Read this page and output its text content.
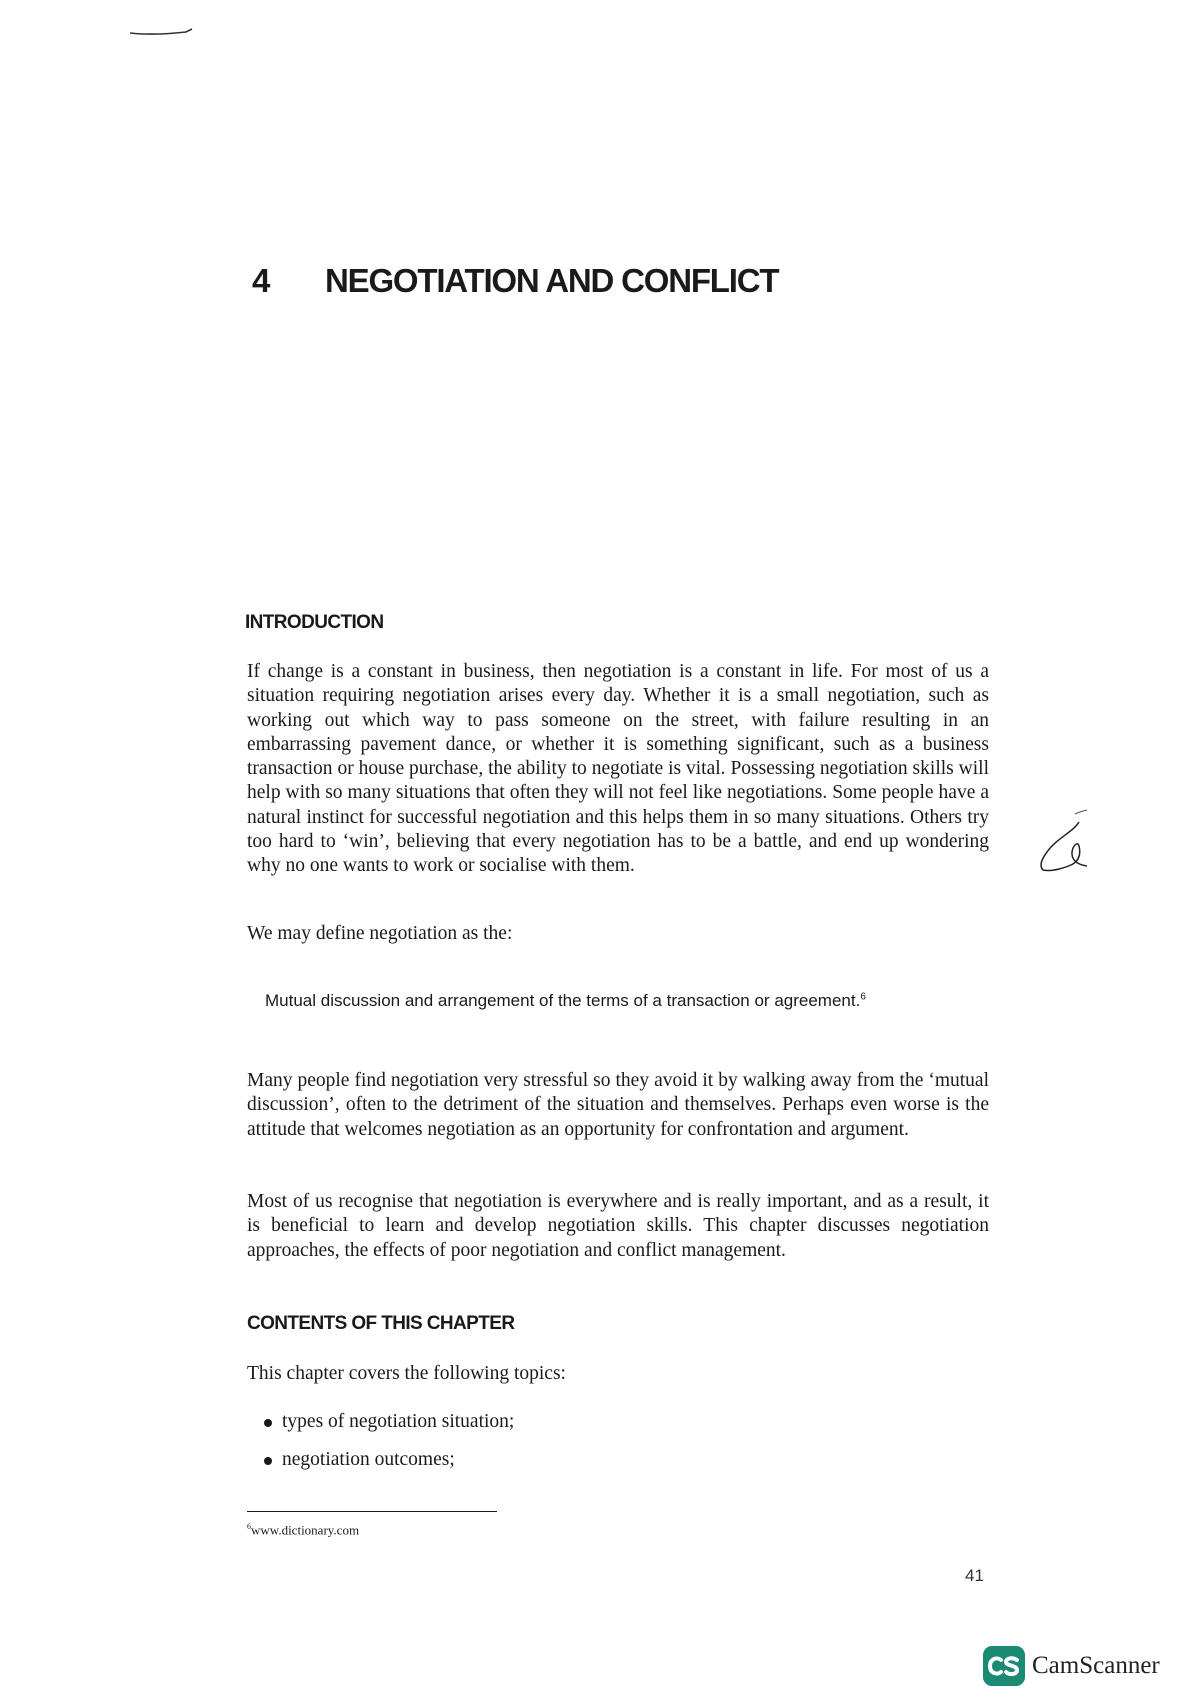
4	NEGOTIATION AND CONFLICT
INTRODUCTION

If change is a constant in business, then negotiation is a constant in life. For most of us a situation requiring negotiation arises every day. Whether it is a small negotiation, such as working out which way to pass someone on the street, with failure resulting in an embarrassing pavement dance, or whether it is something significant, such as a business transaction or house purchase, the ability to negotiate is vital. Possessing negotiation skills will help with so many situations that often they will not feel like negotiations. Some people have a natural instinct for successful negotiation and this helps them in so many situations. Others try too hard to ‘win’, believing that every negotiation has to be a battle, and end up wondering why no one wants to work or socialise with them.

We may define negotiation as the:

Mutual discussion and arrangement of the terms of a transaction or agreement.$^6$

Many people find negotiation very stressful so they avoid it by walking away from the ‘mutual discussion’, often to the detriment of the situation and themselves. Perhaps even worse is the attitude that welcomes negotiation as an opportunity for confrontation and argument.

Most of us recognise that negotiation is everywhere and is really important, and as a result, it is beneficial to learn and develop negotiation skills. This chapter discusses negotiation approaches, the effects of poor negotiation and conflict management.

CONTENTS OF THIS CHAPTER

This chapter covers the following topics:

types of negotiation situation;
negotiation outcomes;

$^6$www.dictionary.com

41
CamScanner
